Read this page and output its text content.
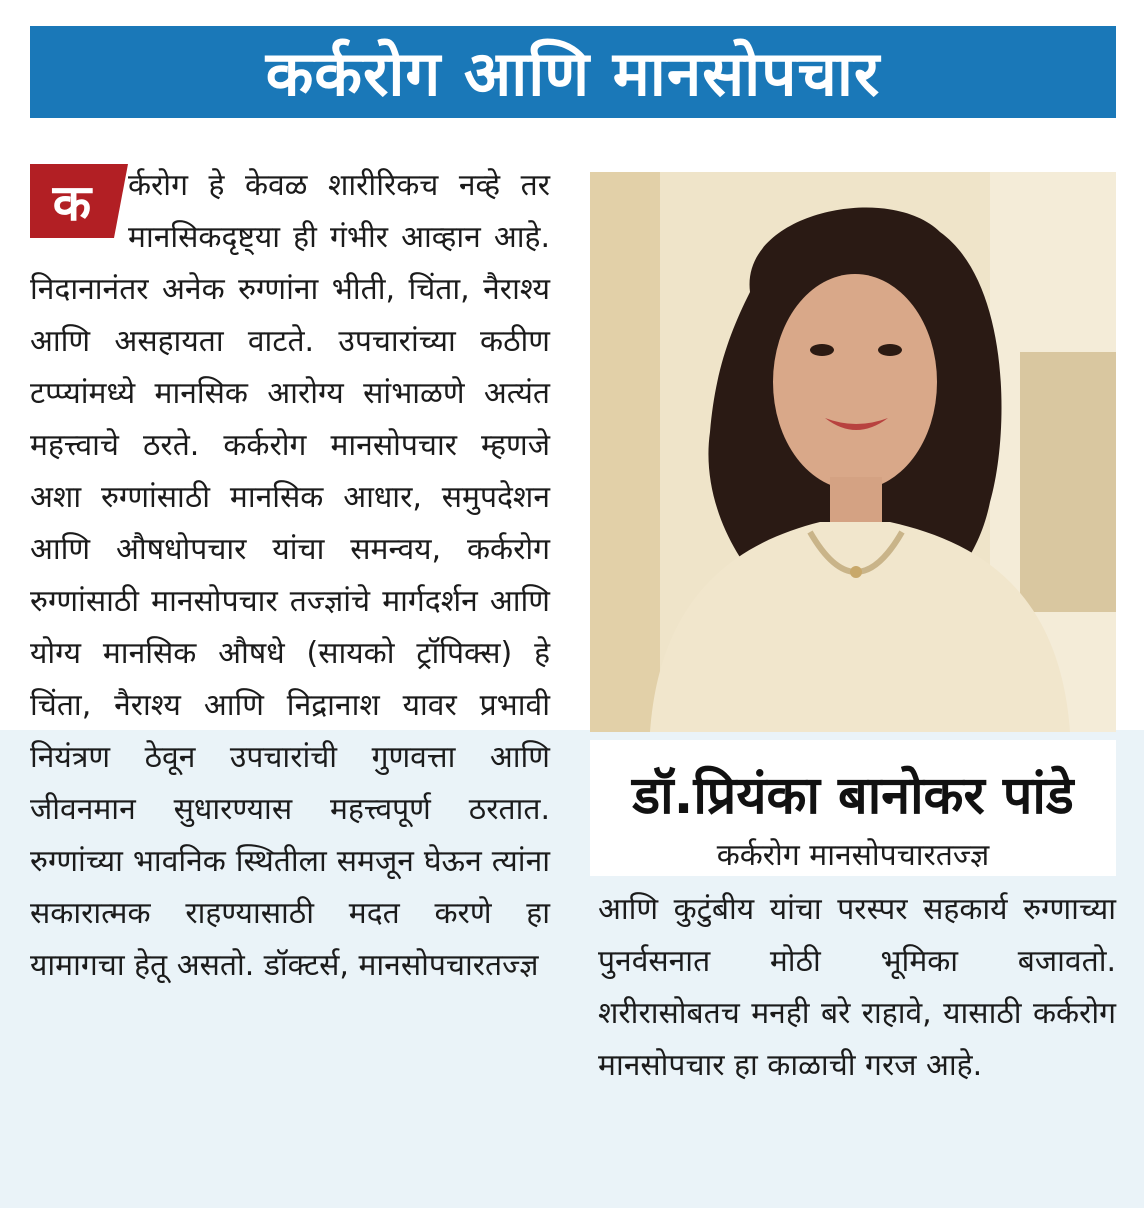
कर्करोग आणि मानसोपचार
क	र्करोग हे केवळ शारीरिकच नव्हे तर मानसिकदृष्ट्या ही गंभीर आव्हान आहे. निदानानंतर अनेक रुग्णांना भीती, चिंता, नैराश्य आणि असहायता वाटते. उपचारांच्या कठीण टप्प्यांमध्ये मानसिक आरोग्य सांभाळणे अत्यंत महत्त्वाचे ठरते. कर्करोग मानसोपचार म्हणजे अशा रुग्णांसाठी मानसिक आधार, समुपदेशन आणि औषधोपचार यांचा समन्वय, कर्करोग रुग्णांसाठी मानसोपचार तज्ज्ञांचे मार्गदर्शन आणि योग्य मानसिक औषधे (सायको ट्रॉपिक्स) हे चिंता, नैराश्य आणि निद्रानाश यावर प्रभावी नियंत्रण ठेवून उपचारांची गुणवत्ता आणि जीवनमान सुधारण्यास महत्त्वपूर्ण ठरतात. रुग्णांच्या भावनिक स्थितीला समजून घेऊन त्यांना सकारात्मक राहण्यासाठी मदत करणे हा यामागचा हेतू असतो. डॉक्टर्स, मानसोपचारतज्ज्ञ

डॉ.प्रियंका बानोकर पांडे

कर्करोग मानसोपचारतज्ज्ञ

आणि कुटुंबीय यांचा परस्पर सहकार्य रुग्णाच्या पुनर्वसनात मोठी भूमिका बजावतो. शरीरासोबतच मनही बरे राहावे, यासाठी कर्करोग मानसोपचार हा काळाची गरज आहे.
